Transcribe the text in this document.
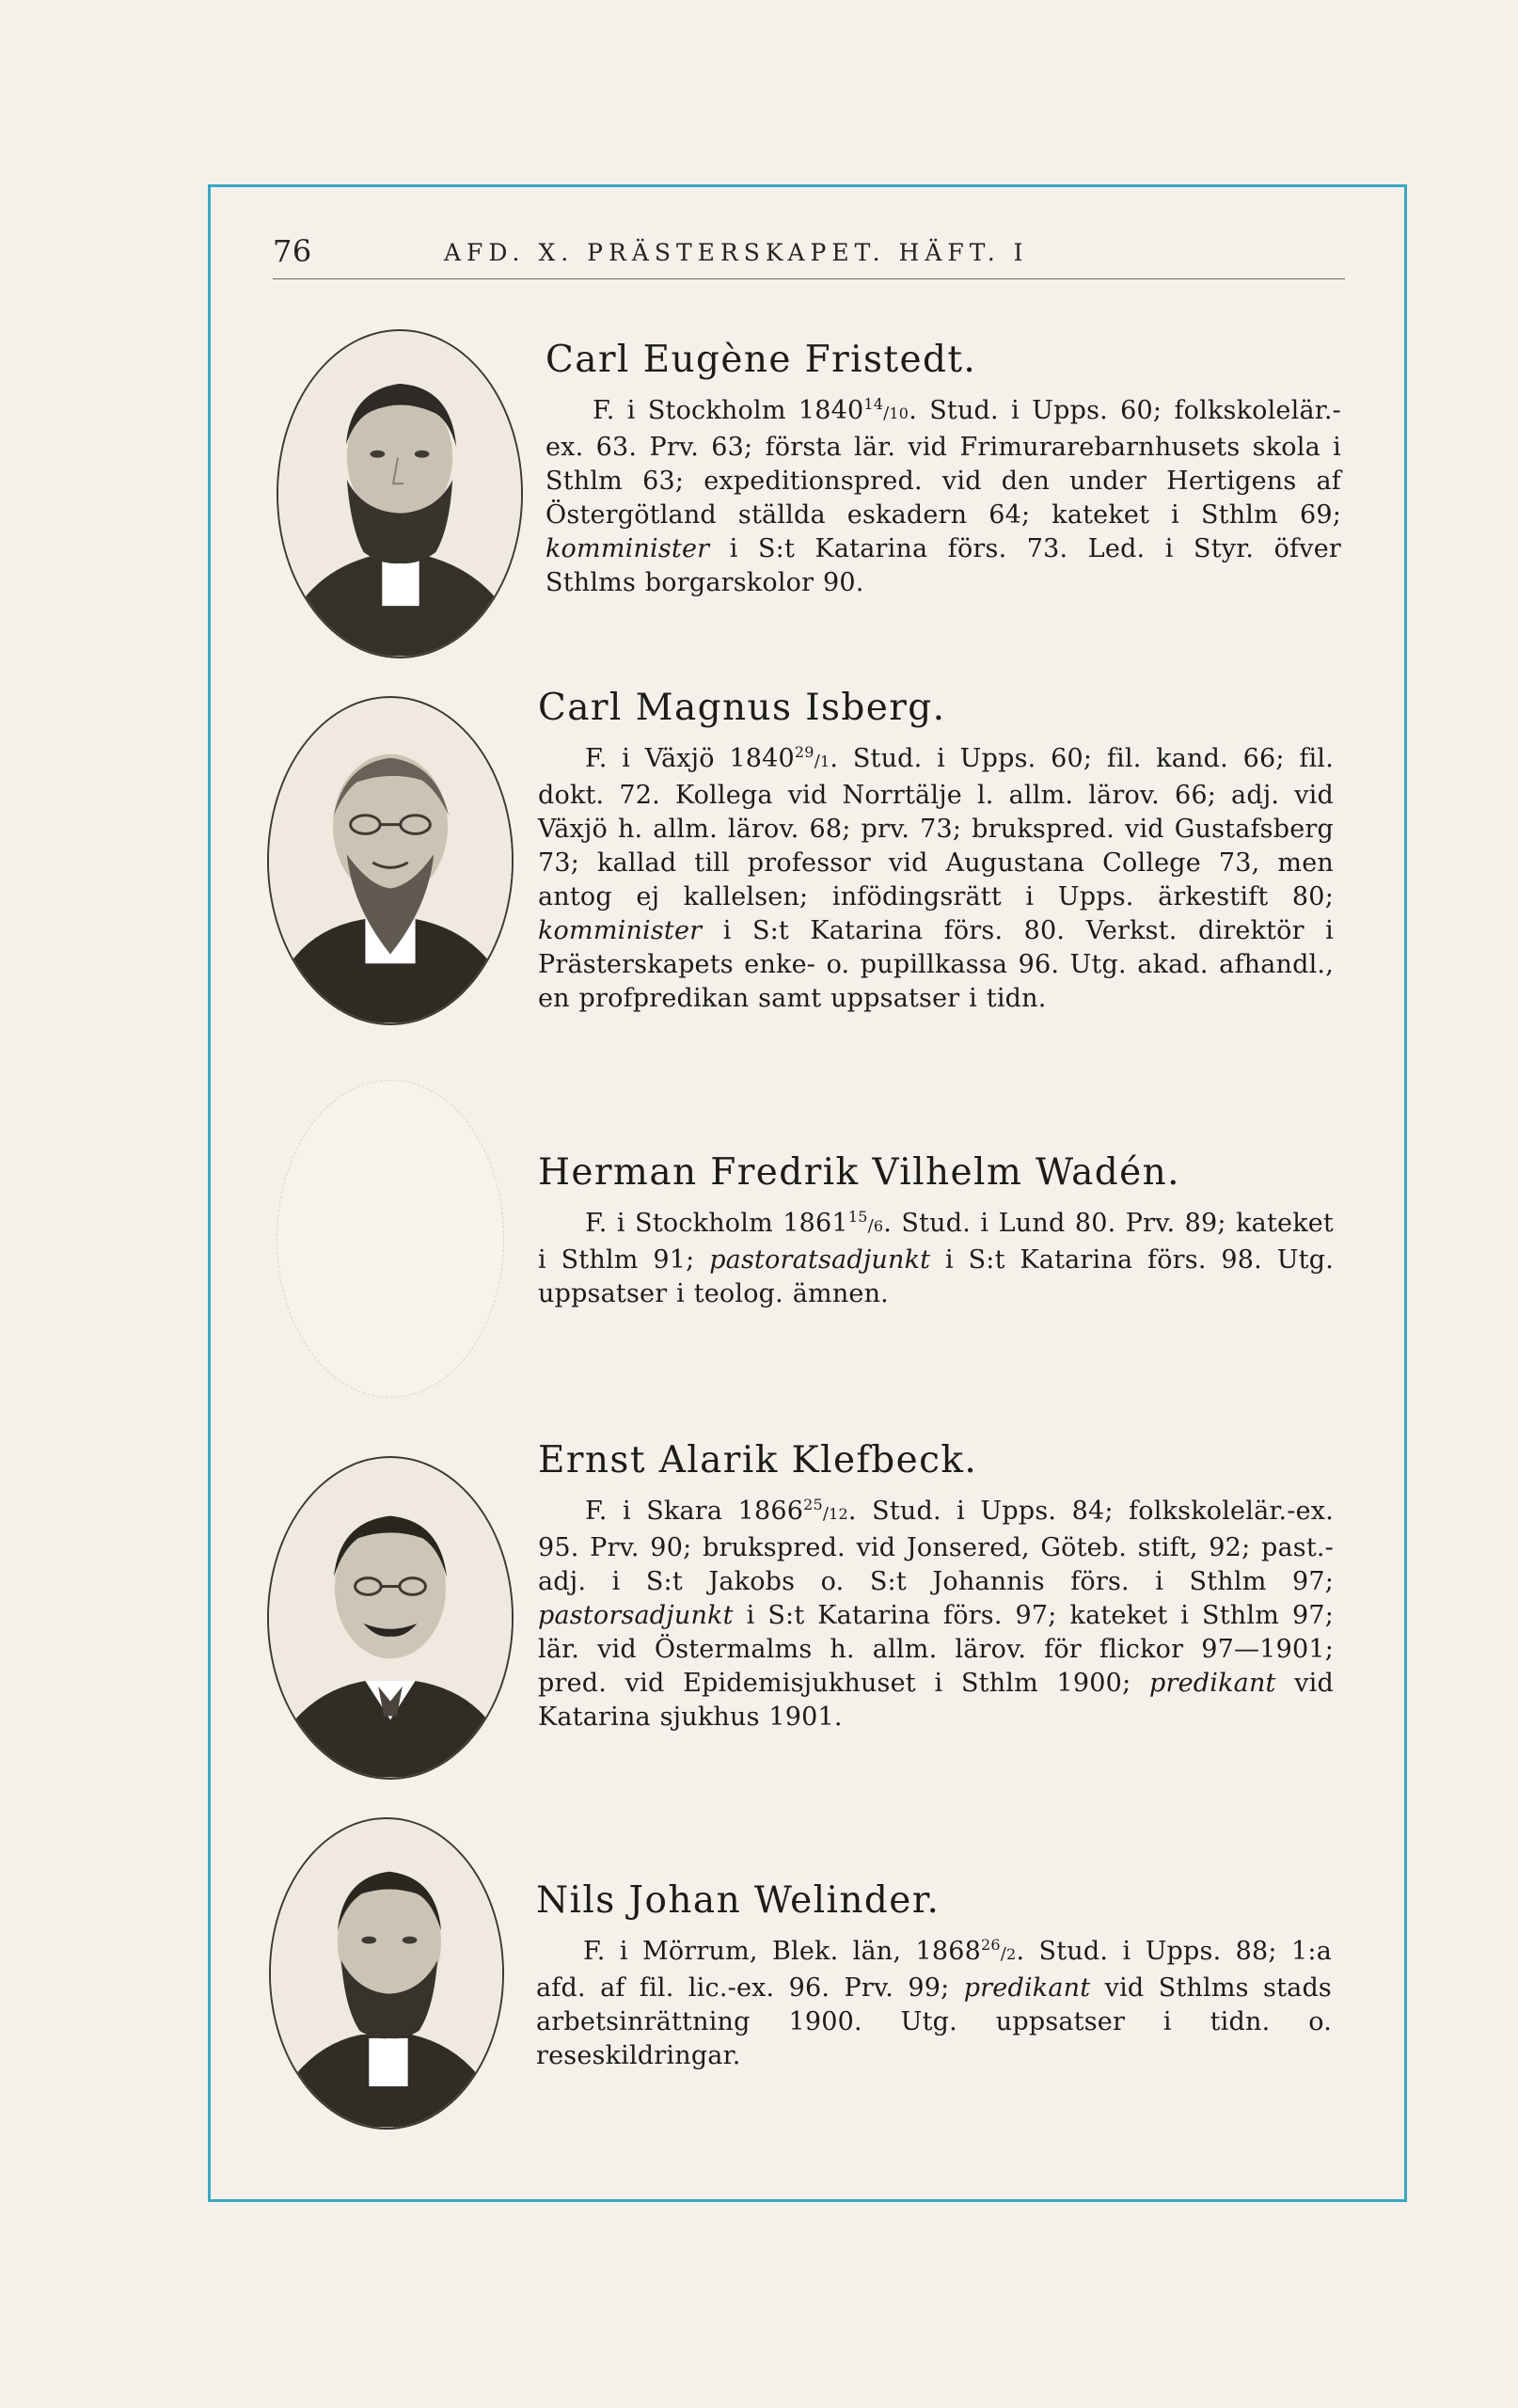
76	AFD. X. PRÄSTERSKAPET. HÄFT. I
Carl Eugène Fristedt.

F. i Stockholm 1840$^{14}$/10. Stud. i Upps. 60; folkskolelär.-ex. 63. Prv. 63; första lär. vid Frimurarebarnhusets skola i Sthlm 63; expeditionspred. vid den under Hertigens af Östergötland ställda eskadern 64; kateket i Sthlm 69; komminister i S:t Katarina förs. 73. Led. i Styr. öfver Sthlms borgarskolor 90.

Carl Magnus Isberg.

F. i Växjö 1840$^{29}$/1. Stud. i Upps. 60; fil. kand. 66; fil. dokt. 72. Kollega vid Norrtälje l. allm. lärov. 66; adj. vid Växjö h. allm. lärov. 68; prv. 73; brukspred. vid Gustafsberg 73; kallad till professor vid Augustana College 73, men antog ej kallelsen; infödingsrätt i Upps. ärkestift 80; komminister i S:t Katarina förs. 80. Verkst. direktör i Prästerskapets enke- o. pupillkassa 96. Utg. akad. afhandl., en profpredikan samt uppsatser i tidn.

Herman Fredrik Vilhelm Wadén.

F. i Stockholm 1861$^{15}$/6. Stud. i Lund 80. Prv. 89; kateket i Sthlm 91; pastoratsadjunkt i S:t Katarina förs. 98. Utg. uppsatser i teolog. ämnen.

Ernst Alarik Klefbeck.

F. i Skara 1866$^{25}$/12. Stud. i Upps. 84; folkskolelär.-ex. 95. Prv. 90; brukspred. vid Jonsered, Göteb. stift, 92; past.-adj. i S:t Jakobs o. S:t Johannis förs. i Sthlm 97; pastorsadjunkt i S:t Katarina förs. 97; kateket i Sthlm 97; lär. vid Östermalms h. allm. lärov. för flickor 97—1901; pred. vid Epidemisjukhuset i Sthlm 1900; predikant vid Katarina sjukhus 1901.

Nils Johan Welinder.

F. i Mörrum, Blek. län, 1868$^{26}$/2. Stud. i Upps. 88; 1:a afd. af fil. lic.-ex. 96. Prv. 99; predikant vid Sthlms stads arbetsinrättning 1900. Utg. uppsatser i tidn. o. reseskildringar.
